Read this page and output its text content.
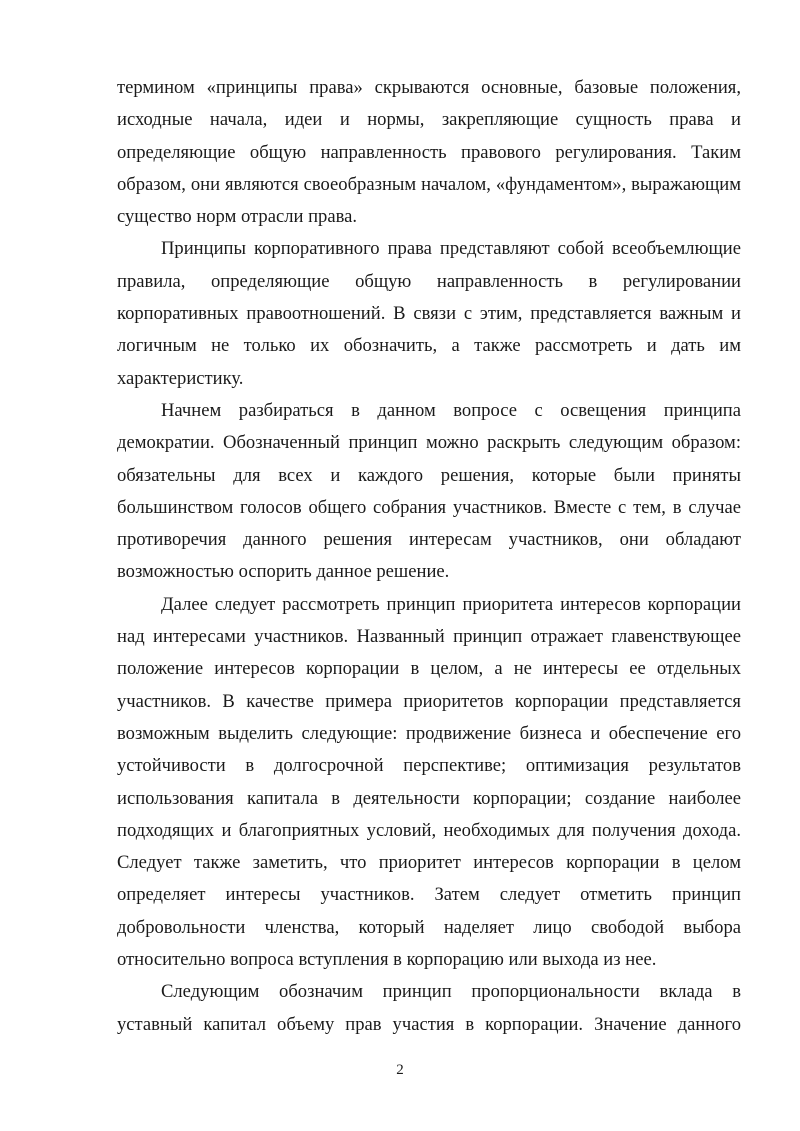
термином «принципы права» скрываются основные, базовые положения,

исходные начала, идеи и нормы, закрепляющие сущность права и

определяющие общую направленность правового регулирования. Таким

образом, они являются своеобразным началом, «фундаментом», выражающим

существо норм отрасли права.

Принципы корпоративного права представляют собой всеобъемлющие

правила, определяющие общую направленность в регулировании

корпоративных правоотношений. В связи с этим, представляется важным и

логичным не только их обозначить, а также рассмотреть и дать им

характеристику.

Начнем разбираться в данном вопросе с освещения принципа

демократии. Обозначенный принцип можно раскрыть следующим образом:

обязательны для всех и каждого решения, которые были приняты

большинством голосов общего собрания участников. Вместе с тем, в случае

противоречия данного решения интересам участников, они обладают

возможностью оспорить данное решение.

Далее следует рассмотреть принцип приоритета интересов корпорации

над интересами участников. Названный принцип отражает главенствующее

положение интересов корпорации в целом, а не интересы ее отдельных

участников. В качестве примера приоритетов корпорации представляется

возможным выделить следующие: продвижение бизнеса и обеспечение его

устойчивости в долгосрочной перспективе; оптимизация результатов

использования капитала в деятельности корпорации; создание наиболее

подходящих и благоприятных условий, необходимых для получения дохода.

Следует также заметить, что приоритет интересов корпорации в целом

определяет интересы участников. Затем следует отметить принцип

добровольности членства, который наделяет лицо свободой выбора

относительно вопроса вступления в корпорацию или выхода из нее.

Следующим обозначим принцип пропорциональности вклада в

уставный капитал объему прав участия в корпорации. Значение данного

2
